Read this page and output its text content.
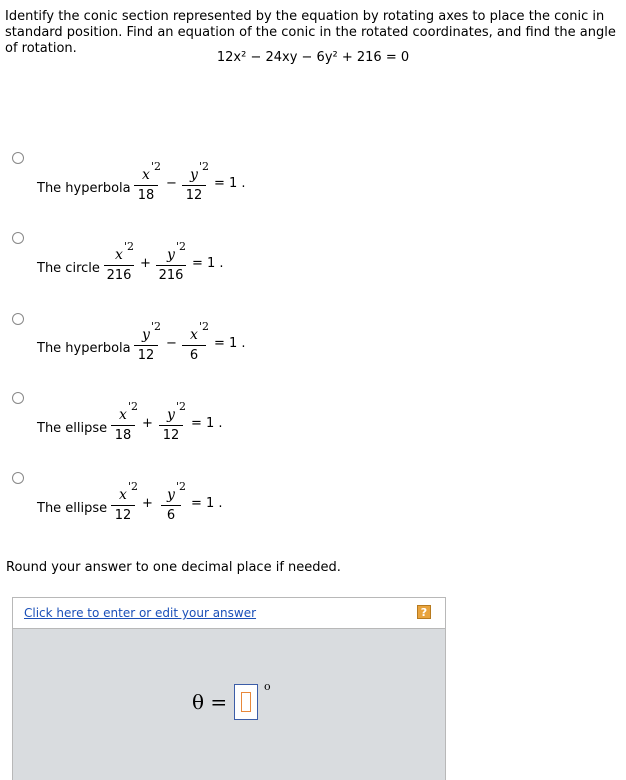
Identify the conic section represented by the equation by rotating axes to place the conic in standard position. Find an equation of the conic in the rotated coordinates, and find the angle of rotation.
12x² − 24xy − 6y² + 216 = 0
The hyperbola
x
'2
18
−
y
'2
12
= 1 .
The circle
x
'2
216
+
y
'2
216
= 1 .
The hyperbola
y
'2
12
−
x
'2
6
= 1 .
The ellipse
x
'2
18
+
y
'2
12
= 1 .
The ellipse
x
'2
12
+
y
'2
6
= 1 .
Round your answer to one decimal place if needed.
Click here to enter or edit your answer	?
θ =
o
